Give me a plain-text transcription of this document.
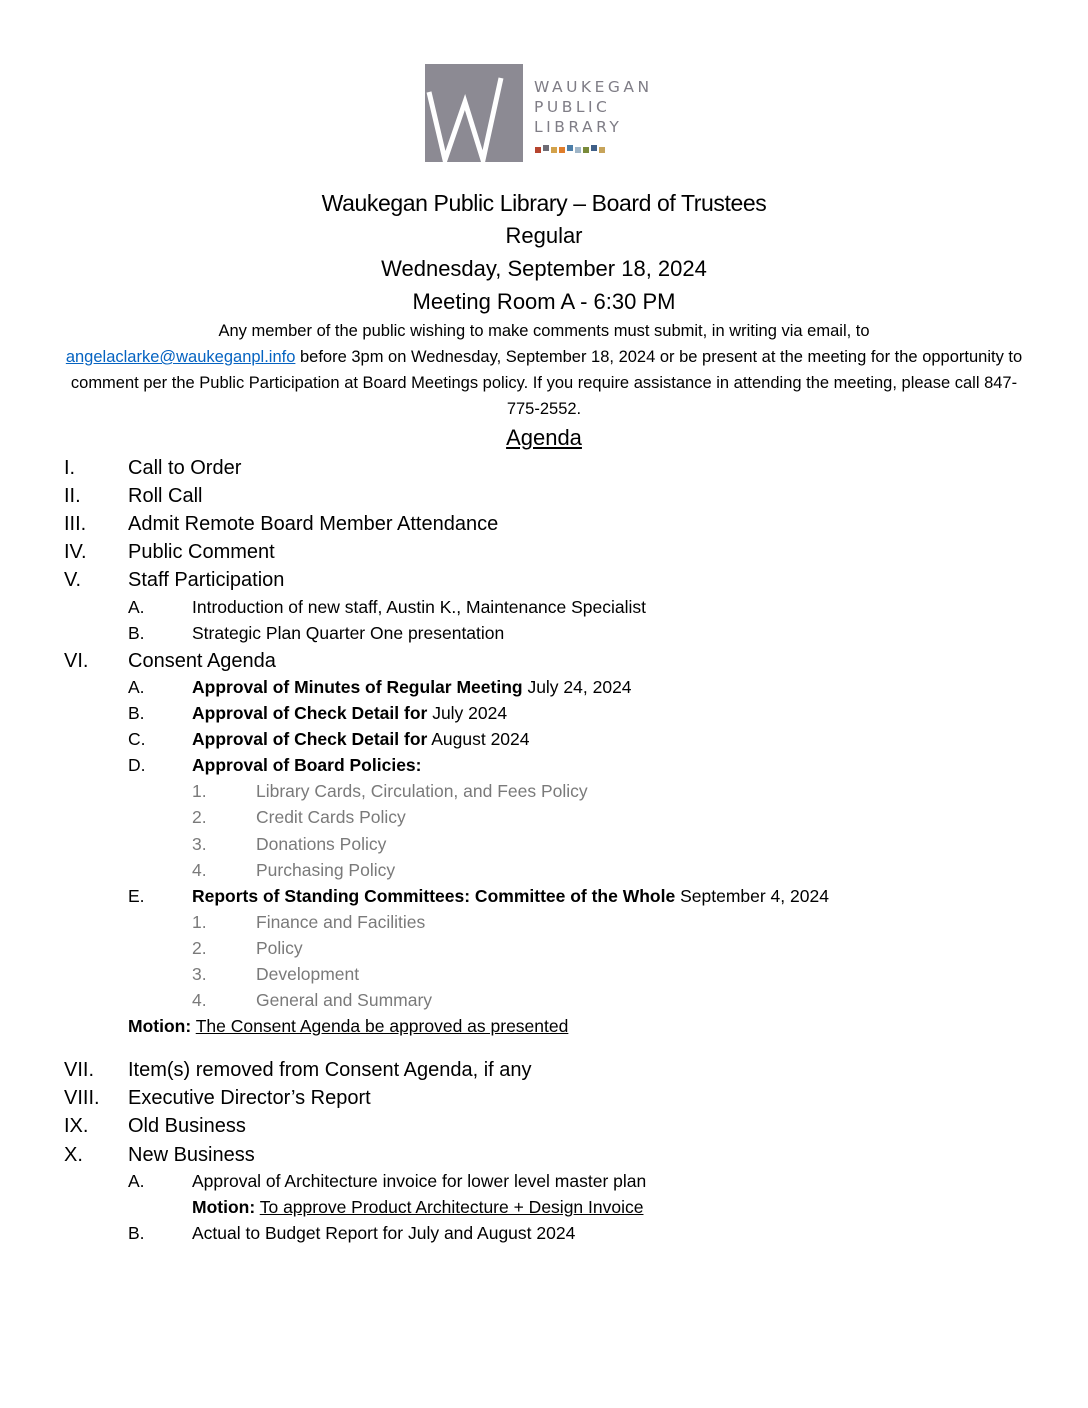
WAUKEGAN
PUBLIC
LIBRARY
Waukegan Public Library – Board of Trustees
Regular
Wednesday, September 18, 2024
Meeting Room A - 6:30 PM
Any member of the public wishing to make comments must submit, in writing via email, to
angelaclarke@waukeganpl.info before 3pm on Wednesday, September 18, 2024 or be present at the meeting for the opportunity to comment per the Public Participation at Board Meetings policy. If you require assistance in attending the meeting, please call 847-775-2552.
Agenda
I.	Call to Order
II. Roll Call
III. Admit Remote Board Member Attendance
IV. Public Comment
V. Staff Participation
A.	Introduction of new staff, Austin K., Maintenance Specialist
B.	Strategic Plan Quarter One presentation
VI. Consent Agenda
A.	Approval of Minutes of Regular Meeting July 24, 2024
B.	Approval of Check Detail for July 2024
C.	Approval of Check Detail for August 2024
D.	Approval of Board Policies:
1.	Library Cards, Circulation, and Fees Policy
2.	Credit Cards Policy
3.	Donations Policy
4.	Purchasing Policy
E.	Reports of Standing Committees: Committee of the Whole September 4, 2024
1.	Finance and Facilities
2.	Policy
3.	Development
4.	General and Summary
Motion: The Consent Agenda be approved as presented
VII. Item(s) removed from Consent Agenda, if any
VIII. Executive Director’s Report
IX. Old Business
X. New Business
A.	Approval of Architecture invoice for lower level master plan
Motion: To approve Product Architecture + Design Invoice
B.	Actual to Budget Report for July and August 2024
